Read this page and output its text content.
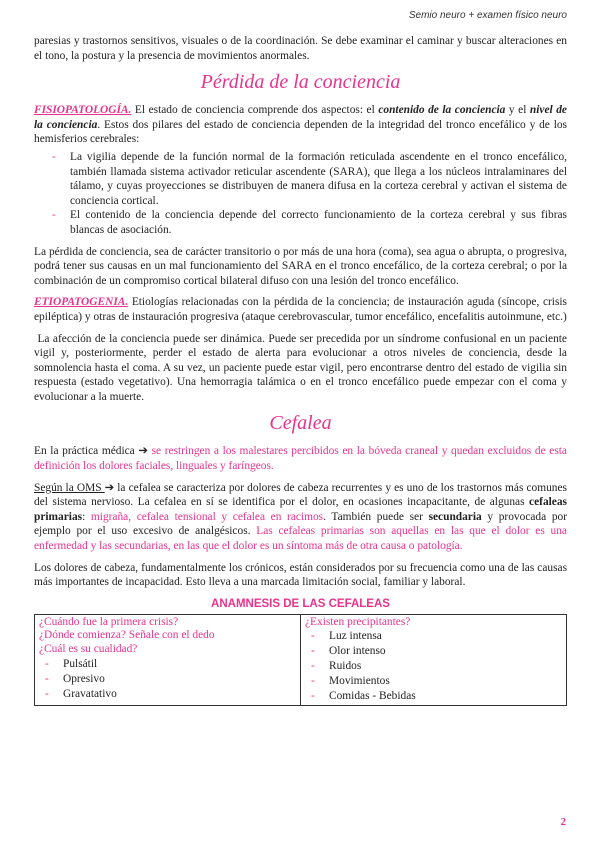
Semio neuro + examen físico neuro

paresias y trastornos sensitivos, visuales o de la coordinación. Se debe examinar el caminar y buscar alteraciones en el tono, la postura y la presencia de movimientos anormales.

Pérdida de la conciencia

FISIOPATOLOGÍA. El estado de conciencia comprende dos aspectos: el contenido de la conciencia y el nivel de la conciencia. Estos dos pilares del estado de conciencia dependen de la integridad del tronco encefálico y de los hemisferios cerebrales:

- La vigilia depende de la función normal de la formación reticulada ascendente en el tronco encefálico, también llamada sistema activador reticular ascendente (SARA), que llega a los núcleos intralaminares del tálamo, y cuyas proyecciones se distribuyen de manera difusa en la corteza cerebral y activan el sistema de conciencia cortical.
- El contenido de la conciencia depende del correcto funcionamiento de la corteza cerebral y sus fibras blancas de asociación.

La pérdida de conciencia, sea de carácter transitorio o por más de una hora (coma), sea agua o abrupta, o progresiva, podrá tener sus causas en un mal funcionamiento del SARA en el tronco encefálico, de la corteza cerebral; o por la combinación de un compromiso cortical bilateral difuso con una lesión del tronco encefálico.

ETIOPATOGENIA. Etiologías relacionadas con la pérdida de la conciencia; de instauración aguda (síncope, crisis epiléptica) y otras de instauración progresiva (ataque cerebrovascular, tumor encefálico, encefalitis autoinmune, etc.)

La afección de la conciencia puede ser dinámica. Puede ser precedida por un síndrome confusional en un paciente vigil y, posteriormente, perder el estado de alerta para evolucionar a otros niveles de conciencia, desde la somnolencia hasta el coma. A su vez, un paciente puede estar vigil, pero encontrarse dentro del estado de vigilia sin respuesta (estado vegetativo). Una hemorragia talámica o en el tronco encefálico puede empezar con el coma y evolucionar a la muerte.

Cefalea

En la práctica médica ➔ se restringen a los malestares percibidos en la bóveda craneal y quedan excluidos de esta definición los dolores faciales, linguales y faríngeos.

Según la OMS ➔ la cefalea se caracteriza por dolores de cabeza recurrentes y es uno de los trastornos más comunes del sistema nervioso. La cefalea en sí se identifica por el dolor, en ocasiones incapacitante, de algunas cefaleas primarias: migraña, cefalea tensional y cefalea en racimos. También puede ser secundaria y provocada por ejemplo por el uso excesivo de analgésicos. Las cefaleas primarias son aquellas en las que el dolor es una enfermedad y las secundarias, en las que el dolor es un síntoma más de otra causa o patología.

Los dolores de cabeza, fundamentalmente los crónicos, están considerados por su frecuencia como una de las causas más importantes de incapacidad. Esto lleva a una marcada limitación social, familiar y laboral.

ANAMNESIS DE LAS CEFALEAS
¿Cuándo fue la primera crisis?
¿Dónde comienza? Señale con el dedo
¿Cuál es su cualidad?
- Pulsátil
- Opresivo
- Gravatativo

¿Existen precipitantes?
- Luz intensa
- Olor intenso
- Ruidos
- Movimientos
- Comidas - Bebidas
2
